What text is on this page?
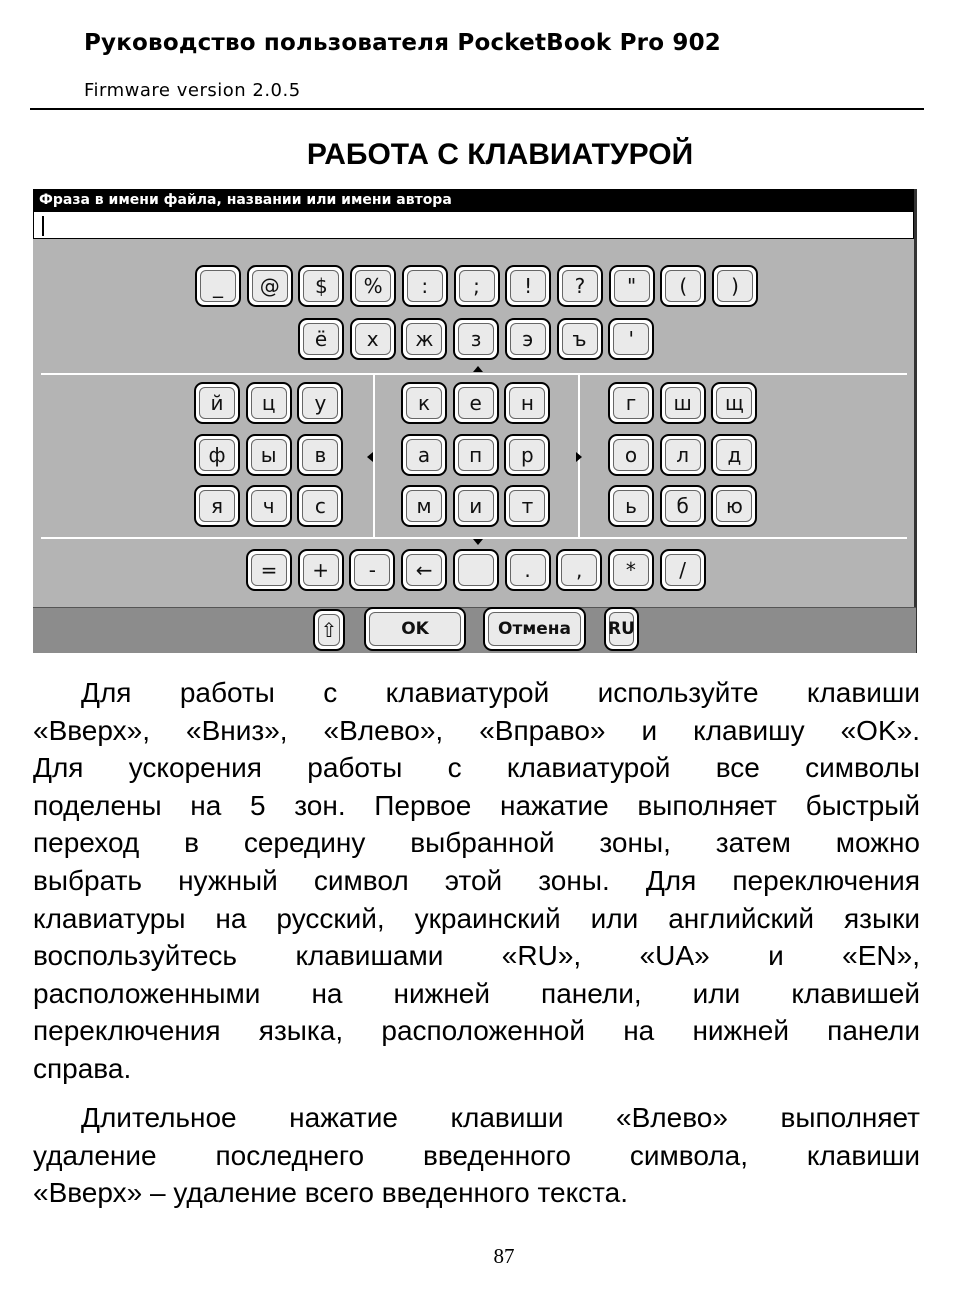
Руководство пользователя PocketBook Pro 902
Firmware version 2.0.5
РАБОТА С КЛАВИАТУРОЙ
Фраза в имени файла, названии или имени автора
_	@	$	%	:	;	!	?	"	(	)
ё	х	ж	з	э	ъ	'
й	ц	у
ф	ы	в
я	ч	с
к	е	н
а	п	р
м	и	т
г	ш	щ
о	л	д
ь	б	ю
=	+	-	←	.	,	*	/
⇧	OK	Отмена	RU
Для работы с клавиатурой используйте клавиши
«Вверх», «Вниз», «Влево», «Вправо» и клавишу «OK».
Для ускорения работы с клавиатурой все символы
поделены на 5 зон. Первое нажатие выполняет быстрый
переход в середину выбранной зоны, затем можно
выбрать нужный символ этой зоны. Для переключения
клавиатуры на русский, украинский или английский языки
воспользуйтесь клавишами «RU», «UA» и «EN»,
расположенными на нижней панели, или клавишей
переключения языка, расположенной на нижней панели
справа.
Длительное нажатие клавиши «Влево» выполняет
удаление последнего введенного символа, клавиши
«Вверх» – удаление всего введенного текста.
87
